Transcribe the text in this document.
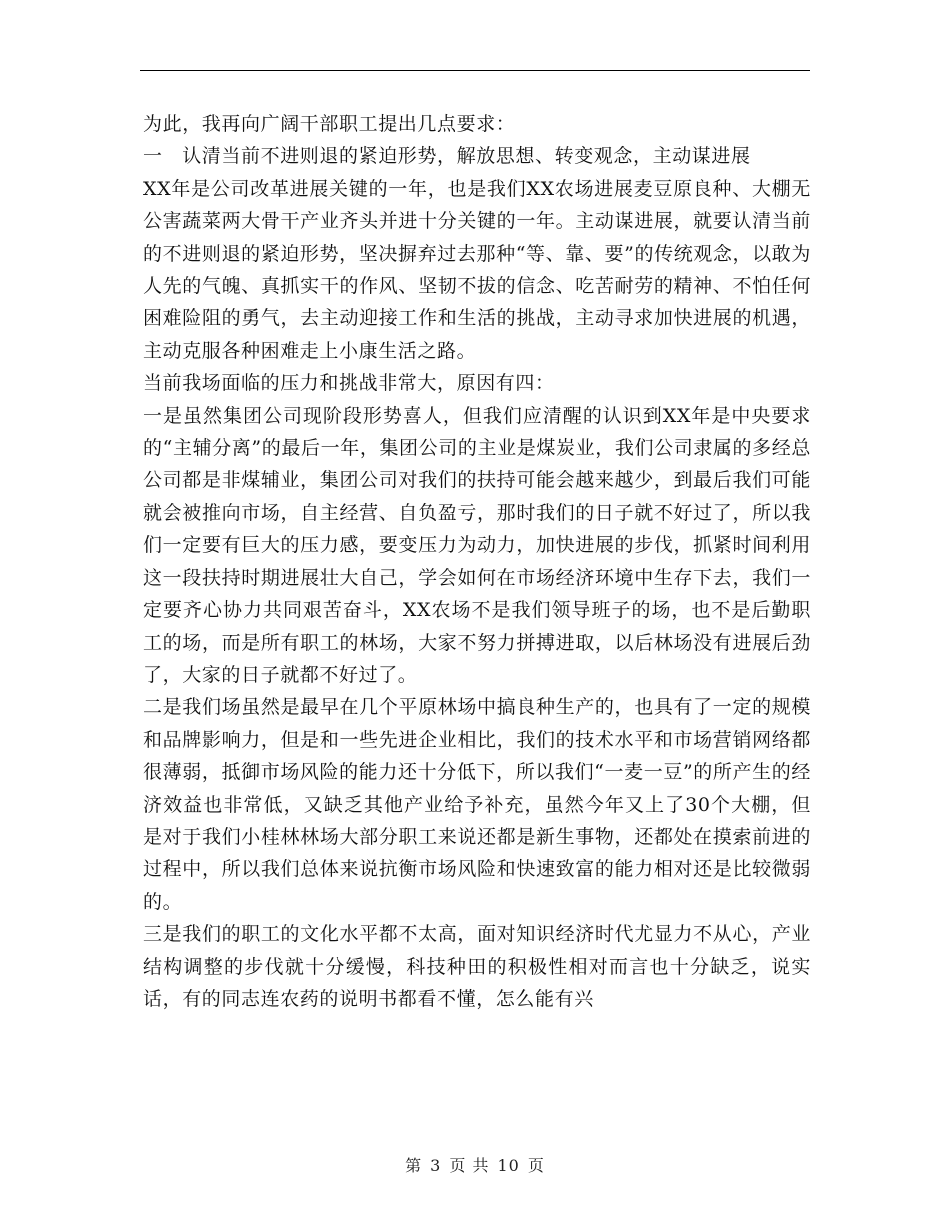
为此，我再向广阔干部职工提出几点要求：

一　认清当前不进则退的紧迫形势，解放思想、转变观念，主动谋进展

XX年是公司改革进展关键的一年，也是我们XX农场进展麦豆原良种、大棚无公害蔬菜两大骨干产业齐头并进十分关键的一年。主动谋进展，就要认清当前的不进则退的紧迫形势，坚决摒弃过去那种“等、靠、要”的传统观念，以敢为人先的气魄、真抓实干的作风、坚韧不拔的信念、吃苦耐劳的精神、不怕任何困难险阻的勇气，去主动迎接工作和生活的挑战，主动寻求加快进展的机遇，主动克服各种困难走上小康生活之路。

当前我场面临的压力和挑战非常大，原因有四：

一是虽然集团公司现阶段形势喜人，但我们应清醒的认识到XX年是中央要求的“主辅分离”的最后一年，集团公司的主业是煤炭业，我们公司隶属的多经总公司都是非煤辅业，集团公司对我们的扶持可能会越来越少，到最后我们可能就会被推向市场，自主经营、自负盈亏，那时我们的日子就不好过了，所以我们一定要有巨大的压力感，要变压力为动力，加快进展的步伐，抓紧时间利用这一段扶持时期进展壮大自己，学会如何在市场经济环境中生存下去，我们一定要齐心协力共同艰苦奋斗，XX农场不是我们领导班子的场，也不是后勤职工的场，而是所有职工的林场，大家不努力拼搏进取，以后林场没有进展后劲了，大家的日子就都不好过了。

二是我们场虽然是最早在几个平原林场中搞良种生产的，也具有了一定的规模和品牌影响力，但是和一些先进企业相比，我们的技术水平和市场营销网络都很薄弱，抵御市场风险的能力还十分低下，所以我们“一麦一豆”的所产生的经济效益也非常低，又缺乏其他产业给予补充，虽然今年又上了30个大棚，但是对于我们小桂林林场大部分职工来说还都是新生事物，还都处在摸索前进的过程中，所以我们总体来说抗衡市场风险和快速致富的能力相对还是比较微弱的。

三是我们的职工的文化水平都不太高，面对知识经济时代尤显力不从心，产业结构调整的步伐就十分缓慢，科技种田的积极性相对而言也十分缺乏，说实话，有的同志连农药的说明书都看不懂，怎么能有兴

第 3 页 共 10 页
